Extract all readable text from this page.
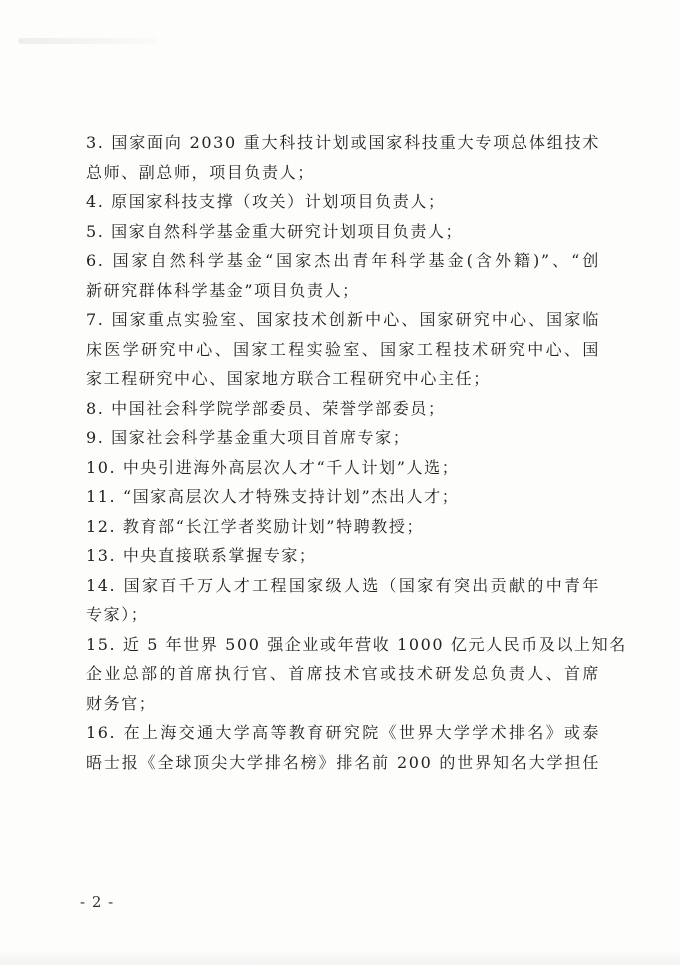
3. 国家面向 2030 重大科技计划或国家科技重大专项总体组技术
总师、副总师，项目负责人；
4. 原国家科技支撑（攻关）计划项目负责人；
5. 国家自然科学基金重大研究计划项目负责人；
6. 国家自然科学基金“国家杰出青年科学基金(含外籍)”、“创
新研究群体科学基金”项目负责人；
7. 国家重点实验室、国家技术创新中心、国家研究中心、国家临
床医学研究中心、国家工程实验室、国家工程技术研究中心、国
家工程研究中心、国家地方联合工程研究中心主任；
8. 中国社会科学院学部委员、荣誉学部委员；
9. 国家社会科学基金重大项目首席专家；
10. 中央引进海外高层次人才“千人计划”人选；
11. “国家高层次人才特殊支持计划”杰出人才；
12. 教育部“长江学者奖励计划”特聘教授；
13. 中央直接联系掌握专家；
14. 国家百千万人才工程国家级人选（国家有突出贡献的中青年
专家）；
15. 近 5 年世界 500 强企业或年营收 1000 亿元人民币及以上知名
企业总部的首席执行官、首席技术官或技术研发总负责人、首席
财务官；
16. 在上海交通大学高等教育研究院《世界大学学术排名》或泰
晤士报《全球顶尖大学排名榜》排名前 200 的世界知名大学担任
- 2 -
